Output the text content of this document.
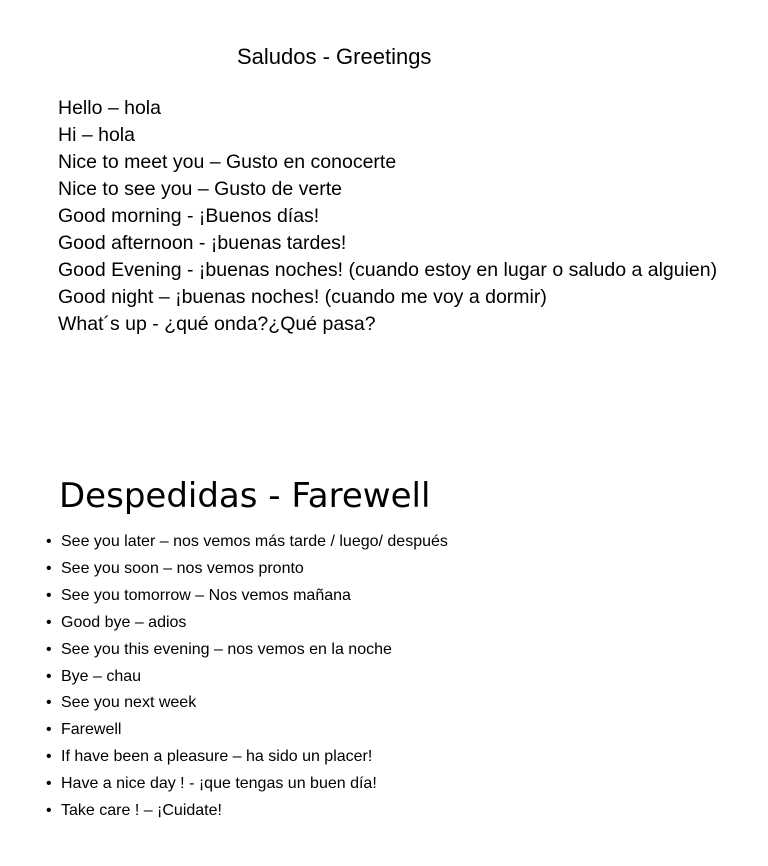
Saludos - Greetings
Hello – hola
Hi – hola
Nice to meet you – Gusto en conocerte
Nice to see you – Gusto de verte
Good morning - ¡Buenos días!
Good afternoon - ¡buenas tardes!
Good Evening - ¡buenas noches! (cuando estoy en lugar o saludo a alguien)
Good night – ¡buenas noches! (cuando me voy a dormir)
What´s up - ¿qué onda?¿Qué pasa?
Despedidas - Farewell
• See you later – nos vemos más tarde / luego/ después
• See you soon – nos vemos pronto
• See you tomorrow – Nos vemos mañana
• Good bye – adios
• See you this evening – nos vemos en la noche
• Bye – chau
• See you next week
• Farewell
• If have been a pleasure – ha sido un placer!
• Have a nice day ! - ¡que tengas un buen día!
• Take care ! – ¡Cuidate!
